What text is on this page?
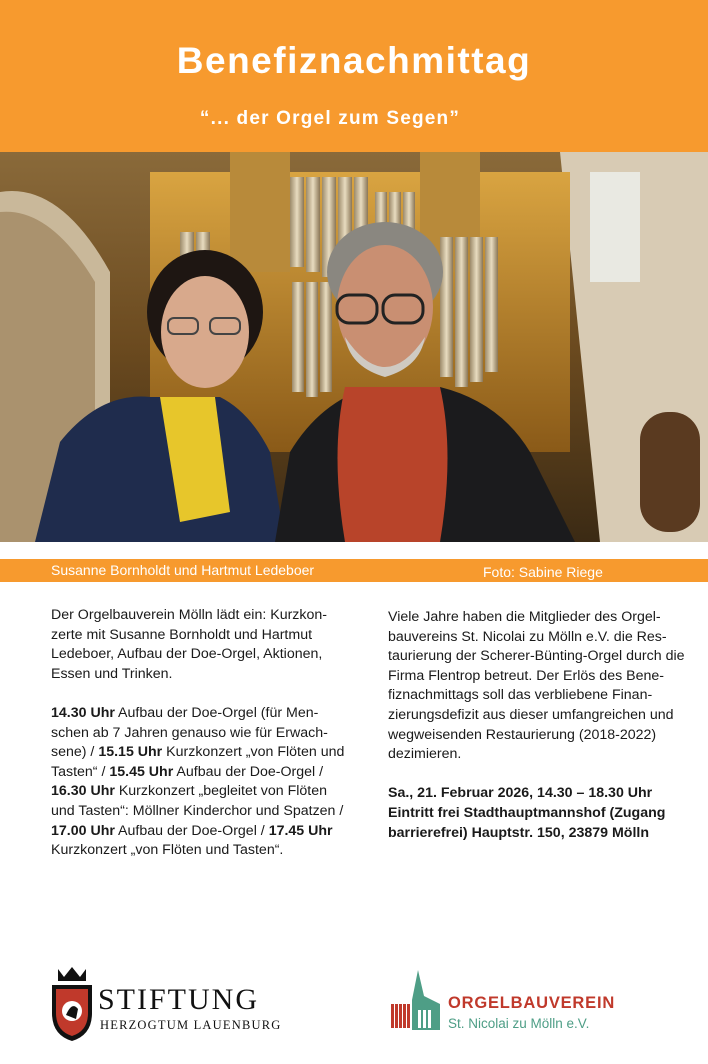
Benefiznachmittag
“... der Orgel zum Segen”
Susanne Bornholdt und Hartmut Ledeboer	Foto: Sabine Riege

Der Orgelbauverein Mölln lädt ein: Kurzkon- zerte mit Susanne Bornholdt und Hartmut Ledeboer, Aufbau der Doe-Orgel, Aktionen, Essen und Trinken.

14.30 Uhr Aufbau der Doe-Orgel (für Men- schen ab 7 Jahren genauso wie für Erwach- sene) / 15.15 Uhr Kurzkonzert „von Flöten und Tasten“ / 15.45 Uhr Aufbau der Doe-Orgel / 16.30 Uhr Kurzkonzert „begleitet von Flöten und Tasten“: Möllner Kinderchor und Spatzen / 17.00 Uhr Aufbau der Doe-Orgel / 17.45 Uhr Kurzkonzert „von Flöten und Tasten“.

Viele Jahre haben die Mitglieder des Orgel- bauvereins St. Nicolai zu Mölln e.V. die Res- taurierung der Scherer-Bünting-Orgel durch die Firma Flentrop betreut. Der Erlös des Bene- fiznachmittags soll das verbliebene Finan- zierungsdefizit aus dieser umfangreichen und wegweisenden Restaurierung (2018-2022) dezimieren.

Sa., 21. Februar 2026, 14.30 – 18.30 Uhr Eintritt frei Stadthauptmannshof (Zugang barrierefrei) Hauptstr. 150, 23879 Mölln

STIFTUNG
HERZOGTUM LAUENBURG
ORGELBAUVEREIN
St. Nicolai zu Mölln e.V.
